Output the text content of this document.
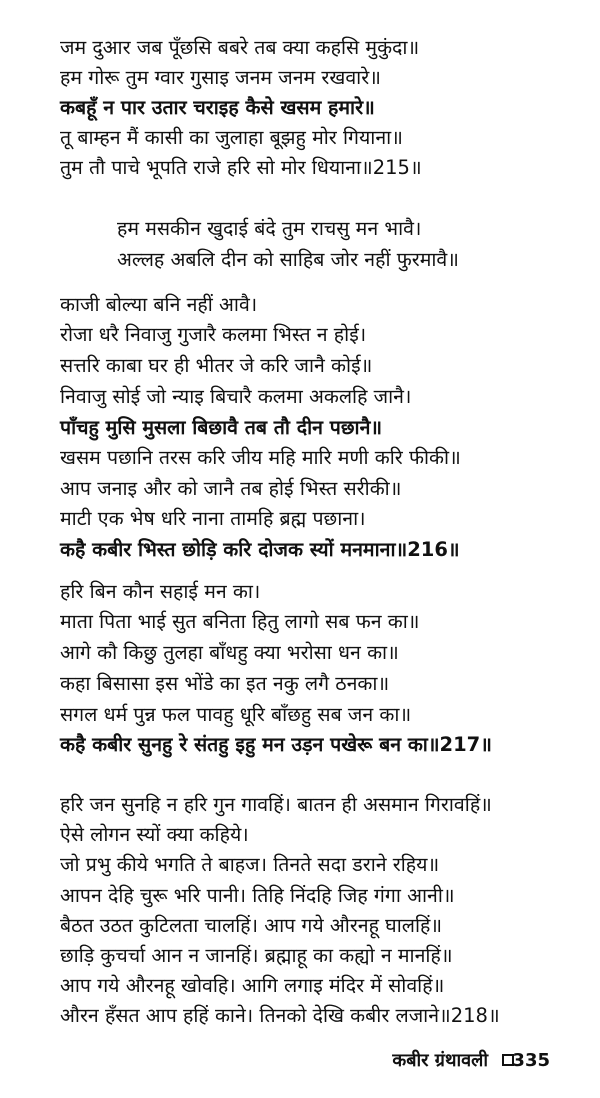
जम दुआर जब पूँछसि बबरे तब क्या कहसि मुकुंदा॥
हम गोरू तुम ग्वार गुसाइ जनम जनम रखवारे॥
कबहूँ न पार उतार चराइह कैसे खसम हमारे॥
तू बाम्हन मैं कासी का जुलाहा बूझहु मोर गियाना॥
तुम तौ पाचे भूपति राजे हरि सो मोर धियाना॥215॥
हम मसकीन खुदाई बंदे तुम राचसु मन भावै।
अल्लह अबलि दीन को साहिब जोर नहीं फुरमावै॥
काजी बोल्या बनि नहीं आवै।
रोजा धरै निवाजु गुजारै कलमा भिस्त न होई।
सत्तरि काबा घर ही भीतर जे करि जानै कोई॥
निवाजु सोई जो न्याइ बिचारै कलमा अकलहि जानै।
पाँचहु मुसि मुसला बिछावै तब तौ दीन पछानै॥
खसम पछानि तरस करि जीय महि मारि मणी करि फीकी॥
आप जनाइ और को जानै तब होई भिस्त सरीकी॥
माटी एक भेष धरि नाना तामहि ब्रह्म पछाना।
कहै कबीर भिस्त छोड़ि करि दोजक स्यों मनमाना॥216॥
हरि बिन कौन सहाई मन का।
माता पिता भाई सुत बनिता हितु लागो सब फन का॥
आगे कौ किछु तुलहा बाँधहु क्या भरोसा धन का॥
कहा बिसासा इस भोंडे का इत नकु लगै ठनका॥
सगल धर्म पुन्न फल पावहु धूरि बाँछहु सब जन का॥
कहै कबीर सुनहु रे संतहु इहु मन उड़न पखेरू बन का॥217॥
हरि जन सुनहि न हरि गुन गावहिं। बातन ही असमान गिरावहिं॥
ऐसे लोगन स्यों क्या कहिये।
जो प्रभु कीये भगति ते बाहज। तिनते सदा डराने रहिय॥
आपन देहि चुरू भरि पानी। तिहि निंदहि जिह गंगा आनी॥
बैठत उठत कुटिलता चालहिं। आप गये औरनहू घालहिं॥
छाड़ि कुचर्चा आन न जानहिं। ब्रह्माहू का कह्यो न मानहिं॥
आप गये औरनहू खोवहि। आगि लगाइ मंदिर में सोवहिं॥
औरन हँसत आप हहिं काने। तिनको देखि कबीर लजाने॥218॥
कबीर ग्रंथावली 335
